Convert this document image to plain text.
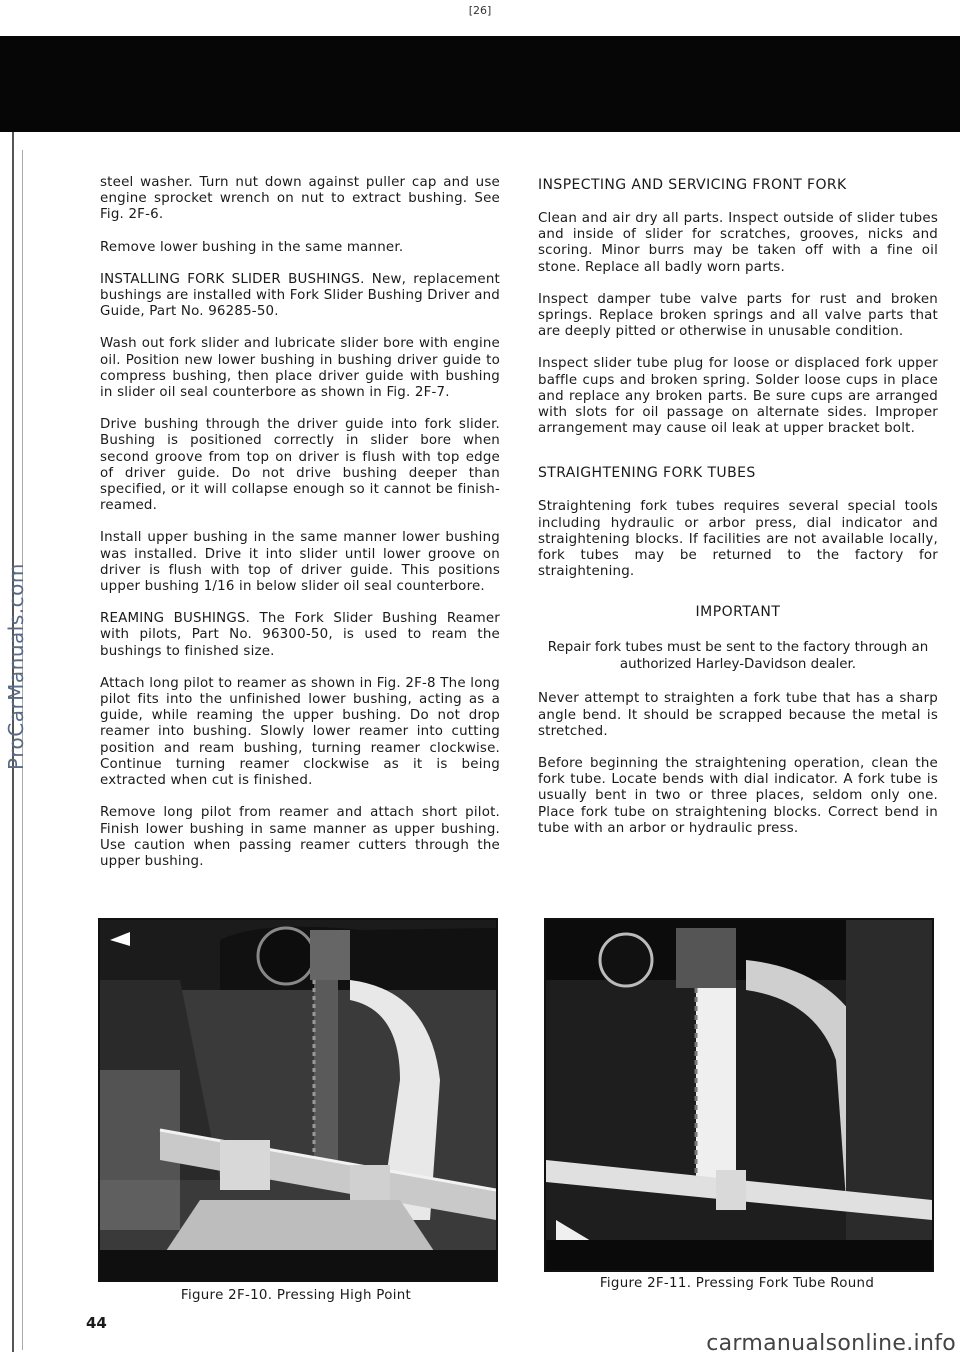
[26]
ProCarManuals.com

steel washer. Turn nut down against puller cap and use engine sprocket wrench on nut to extract bushing. See Fig. 2F-6.

Remove lower bushing in the same manner.

INSTALLING FORK SLIDER BUSHINGS. New, replacement bushings are installed with Fork Slider Bushing Driver and Guide, Part No. 96285-50.

Wash out fork slider and lubricate slider bore with engine oil. Position new lower bushing in bushing driver guide to compress bushing, then place driver guide with bushing in slider oil seal counterbore as shown in Fig. 2F-7.

Drive bushing through the driver guide into fork slider. Bushing is positioned correctly in slider bore when second groove from top on driver is flush with top edge of driver guide. Do not drive bushing deeper than specified, or it will collapse enough so it cannot be finish-reamed.

Install upper bushing in the same manner lower bushing was installed. Drive it into slider until lower groove on driver is flush with top of driver guide. This positions upper bushing 1/16 in below slider oil seal counterbore.

REAMING BUSHINGS. The Fork Slider Bushing Reamer with pilots, Part No. 96300-50, is used to ream the bushings to finished size.

Attach long pilot to reamer as shown in Fig. 2F-8 The long pilot fits into the unfinished lower bushing, acting as a guide, while reaming the upper bushing. Do not drop reamer into bushing. Slowly lower reamer into cutting position and ream bushing, turning reamer clockwise. Continue turning reamer clockwise as it is being extracted when cut is finished.

Remove long pilot from reamer and attach short pilot. Finish lower bushing in same manner as upper bushing. Use caution when passing reamer cutters through the upper bushing.

INSPECTING AND SERVICING FRONT FORK

Clean and air dry all parts. Inspect outside of slider tubes and inside of slider for scratches, grooves, nicks and scoring. Minor burrs may be taken off with a fine oil stone. Replace all badly worn parts.

Inspect damper tube valve parts for rust and broken springs. Replace broken springs and all valve parts that are deeply pitted or otherwise in unusable condition.

Inspect slider tube plug for loose or displaced fork upper baffle cups and broken spring. Solder loose cups in place and replace any broken parts. Be sure cups are arranged with slots for oil passage on alternate sides. Improper arrangement may cause oil leak at upper bracket bolt.

STRAIGHTENING FORK TUBES

Straightening fork tubes requires several special tools including hydraulic or arbor press, dial indicator and straightening blocks. If facilities are not available locally, fork tubes may be returned to the factory for straightening.

IMPORTANT
Repair fork tubes must be sent to the factory through an authorized Harley-Davidson dealer.

Never attempt to straighten a fork tube that has a sharp angle bend. It should be scrapped because the metal is stretched.

Before beginning the straightening operation, clean the fork tube. Locate bends with dial indicator. A fork tube is usually bent in two or three places, seldom only one. Place fork tube on straightening blocks. Correct bend in tube with an arbor or hydraulic press.

Figure 2F-10. Pressing High Point
Figure 2F-11. Pressing Fork Tube Round
44
carmanualsonline.info
